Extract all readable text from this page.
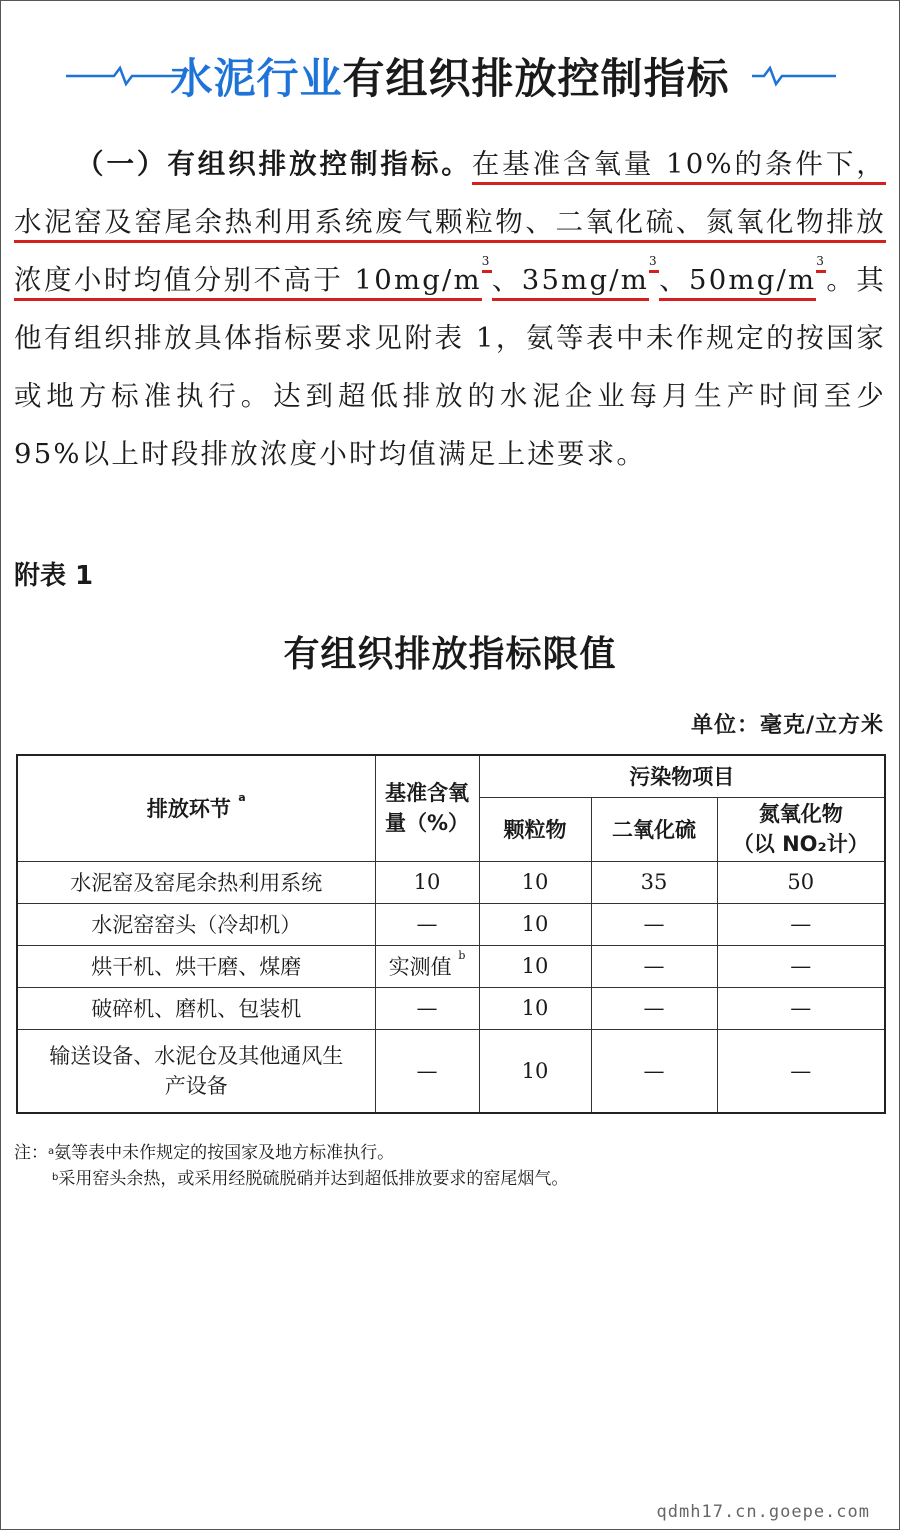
水泥行业有组织排放控制指标
（一）有组织排放控制指标。在基准含氧量 10%的条件下，水泥窑及窑尾余热利用系统废气颗粒物、二氧化硫、氮氧化物排放浓度小时均值分别不高于 $10mg/m^3$、$35mg/m^3$、$50mg/m^3$。其他有组织排放具体指标要求见附表 1，氨等表中未作规定的按国家或地方标准执行。达到超低排放的水泥企业每月生产时间至少 95%以上时段排放浓度小时均值满足上述要求。
附表 1
有组织排放指标限值
单位：毫克/立方米
排放环节 $^a$	基准含氧量（%）	污染物项目		
		颗粒物	二氧化硫	氮氧化物
（以 NO₂计）

水泥窑及窑尾余热利用系统	10	10	35	50
水泥窑窑头（冷却机）	—	10	—	—
烘干机、烘干磨、煤磨	实测值 $^b$	10	—	—
破碎机、磨机、包装机	—	10	—	—
输送设备、水泥仓及其他通风生产设备	—	10	—	—
注：$^a$氨等表中未作规定的按国家及地方标准执行。
$^b$采用窑头余热，或采用经脱硫脱硝并达到超低排放要求的窑尾烟气。
qdmh17.cn.goepe.com
